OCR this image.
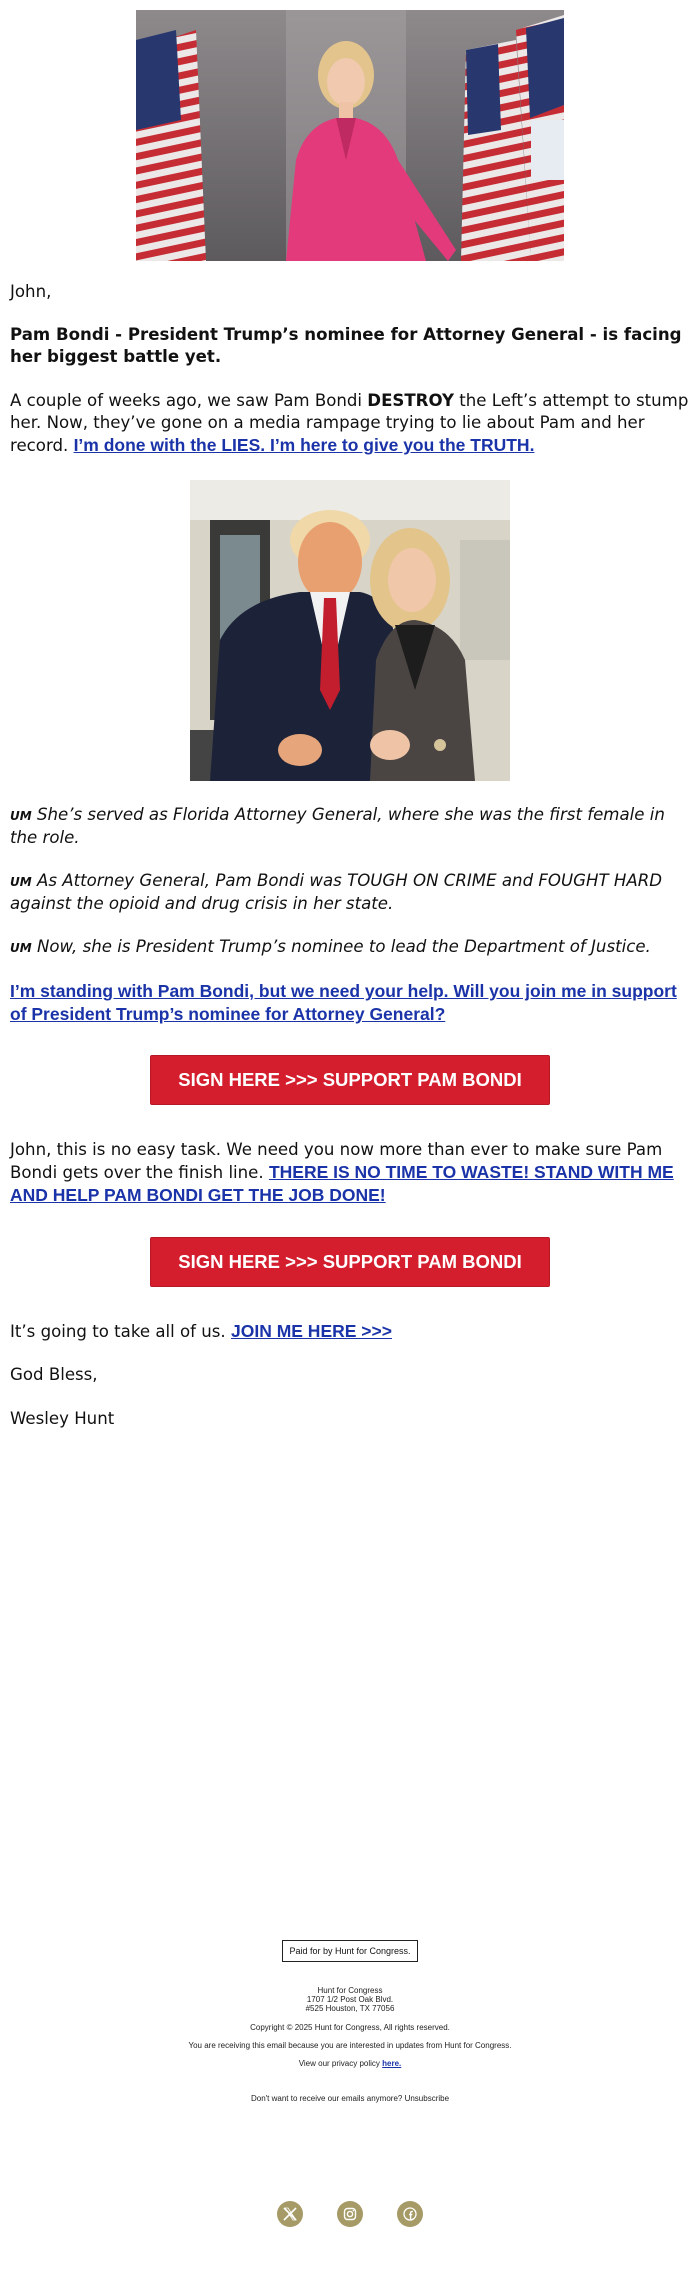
John,
Pam Bondi - President Trump’s nominee for Attorney General - is facing her biggest battle yet.
A couple of weeks ago, we saw Pam Bondi DESTROY the Left’s attempt to stump her. Now, they’ve gone on a media rampage trying to lie about Pam and her record. I’m done with the LIES. I’m here to give you the TRUTH.
UM She’s served as Florida Attorney General, where she was the first female in the role.
UM As Attorney General, Pam Bondi was TOUGH ON CRIME and FOUGHT HARD against the opioid and drug crisis in her state.
UM Now, she is President Trump’s nominee to lead the Department of Justice.
I’m standing with Pam Bondi, but we need your help. Will you join me in support of President Trump’s nominee for Attorney General?
SIGN HERE >>> SUPPORT PAM BONDI
John, this is no easy task. We need you now more than ever to make sure Pam Bondi gets over the finish line. THERE IS NO TIME TO WASTE! STAND WITH ME AND HELP PAM BONDI GET THE JOB DONE!
SIGN HERE >>> SUPPORT PAM BONDI
It’s going to take all of us. JOIN ME HERE >>>
God Bless,
Wesley Hunt
Paid for by Hunt for Congress.
Hunt for Congress
1707 1/2 Post Oak Blvd.
#525 Houston, TX 77056
Copyright © 2025 Hunt for Congress, All rights reserved.
You are receiving this email because you are interested in updates from Hunt for Congress.
View our privacy policy here.
Don't want to receive our emails anymore? Unsubscribe
